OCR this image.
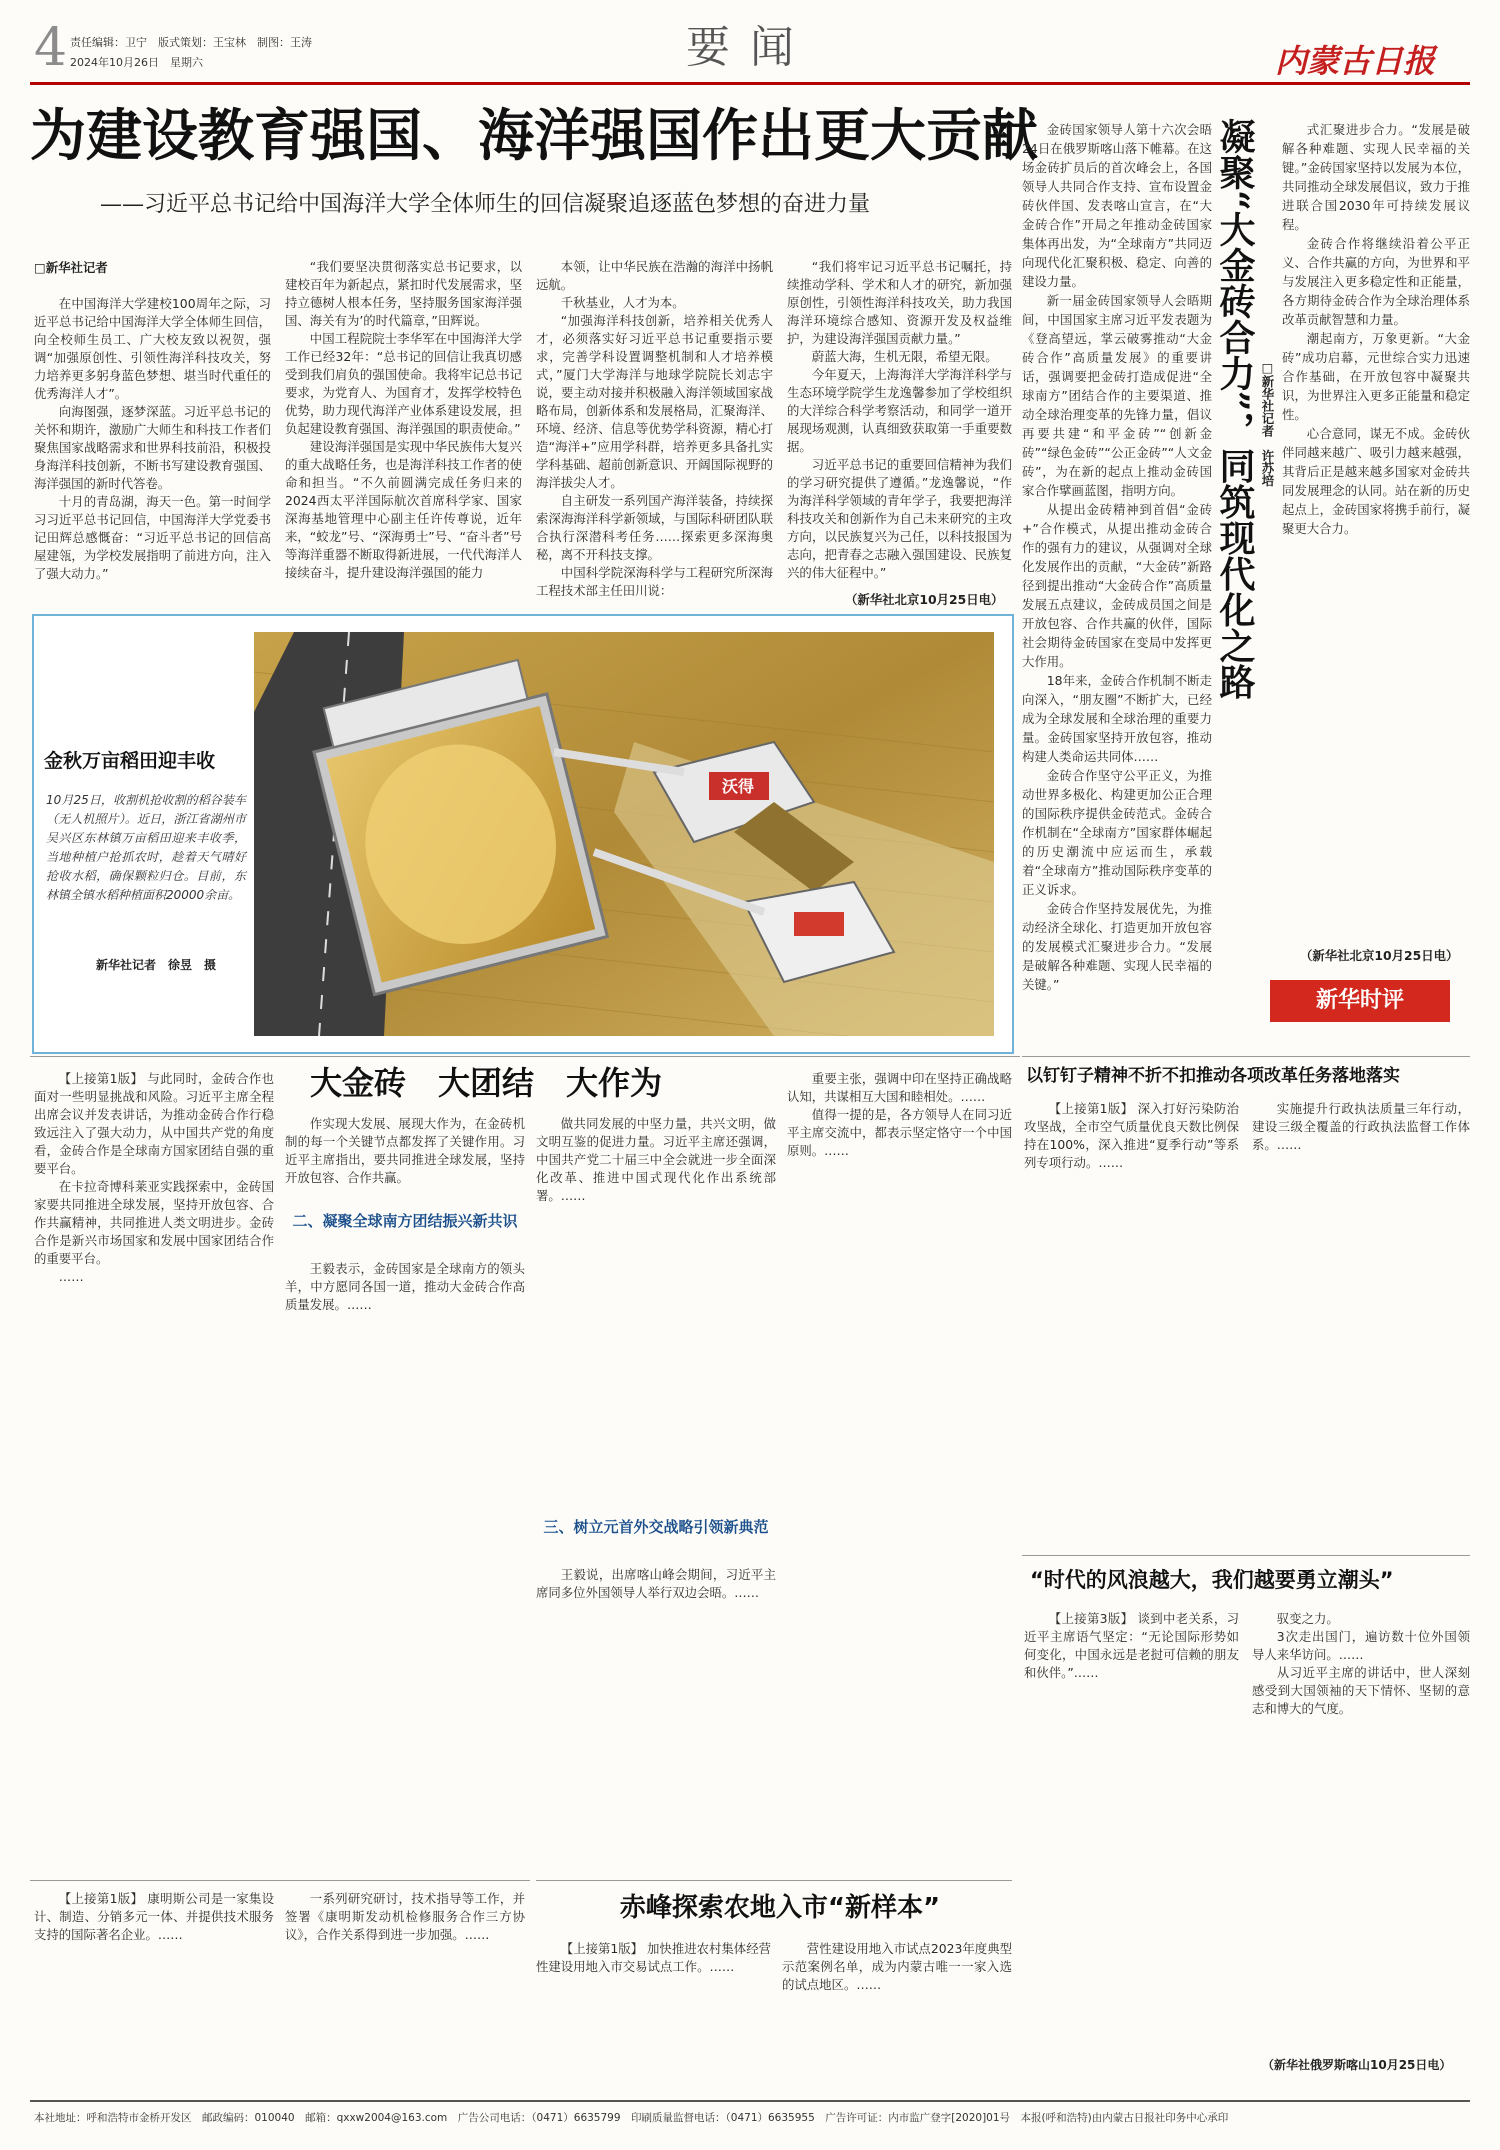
4 责任编辑：卫宁　版式策划：王宝林　制图：王涛
2024年10月26日　星期六	要闻	内蒙古日报
为建设教育强国、海洋强国作出更大贡献
——习近平总书记给中国海洋大学全体师生的回信凝聚追逐蓝色梦想的奋进力量
□新华社记者

在中国海洋大学建校100周年之际，习近平总书记给中国海洋大学全体师生回信，向全校师生员工、广大校友致以祝贺，强调“加强原创性、引领性海洋科技攻关，努力培养更多躬身蓝色梦想、堪当时代重任的优秀海洋人才”。

向海图强，逐梦深蓝。习近平总书记的关怀和期许，激励广大师生和科技工作者们聚焦国家战略需求和世界科技前沿，积极投身海洋科技创新，不断书写建设教育强国、海洋强国的新时代答卷。

十月的青岛湖，海天一色。第一时间学习习近平总书记回信，中国海洋大学党委书记田辉总感慨奋：“习近平总书记的回信高屋建瓴，为学校发展指明了前进方向，注入了强大动力。”

“我们要坚决贯彻落实总书记要求，以建校百年为新起点，紧扣时代发展需求，坚持立德树人根本任务，坚持服务国家海洋强国、海关有为’的时代篇章，”田辉说。

中国工程院院士李华军在中国海洋大学工作已经32年：“总书记的回信让我真切感受到我们肩负的强国使命。我将牢记总书记要求，为党育人、为国育才，发挥学校特色优势，助力现代海洋产业体系建设发展，担负起建设教育强国、海洋强国的职责使命。”

建设海洋强国是实现中华民族伟大复兴的重大战略任务，也是海洋科技工作者的使命和担当。“不久前圆满完成任务归来的2024西太平洋国际航次首席科学家、国家深海基地管理中心副主任许传尊说，近年来，“蛟龙”号、“深海勇士”号、“奋斗者”号等海洋重器不断取得新进展，一代代海洋人接续奋斗，提升建设海洋强国的能力

本领，让中华民族在浩瀚的海洋中扬帆远航。

千秋基业，人才为本。

“加强海洋科技创新，培养相关优秀人才，必须落实好习近平总书记重要指示要求，完善学科设置调整机制和人才培养模式，”厦门大学海洋与地球学院院长刘志宇说，要主动对接并积极融入海洋领域国家战略布局，创新体系和发展格局，汇聚海洋、环境、经济、信息等优势学科资源，精心打造“海洋+”应用学科群，培养更多具备扎实学科基础、超前创新意识、开阔国际视野的海洋拔尖人才。

自主研发一系列国产海洋装备，持续探索深海海洋科学新领域，与国际科研团队联合执行深潜科考任务……探索更多深海奥秘，离不开科技支撑。

中国科学院深海科学与工程研究所深海工程技术部主任田川说：

“我们将牢记习近平总书记嘱托，持续推动学科、学术和人才的研究，新加强原创性，引领性海洋科技攻关，助力我国海洋环境综合感知、资源开发及权益维护，为建设海洋强国贡献力量。”

蔚蓝大海，生机无限，希望无限。

今年夏天，上海海洋大学海洋科学与生态环境学院学生龙逸馨参加了学校组织的大洋综合科学考察活动，和同学一道开展现场观测，认真细致获取第一手重要数据。

习近平总书记的重要回信精神为我们的学习研究提供了遵循。”龙逸馨说，“作为海洋科学领域的青年学子，我要把海洋科技攻关和创新作为自己未来研究的主攻方向，以民族复兴为己任，以科技报国为志向，把青春之志融入强国建设、民族复兴的伟大征程中。”

（新华社北京10月25日电）
金秋万亩稻田迎丰收
10月25日，收割机抢收割的稻谷装车（无人机照片）。近日，浙江省湖州市吴兴区东林镇万亩稻田迎来丰收季，当地种植户抢抓农时，趁着天气晴好抢收水稻，确保颗粒归仓。目前，东林镇全镇水稻种植面积20000余亩。
新华社记者　徐昱　摄
沃得

金砖国家领导人第十六次会晤24日在俄罗斯喀山落下帷幕。在这场金砖扩员后的首次峰会上，各国领导人共同合作支持、宣布设置金砖伙伴国、发表喀山宣言，在“大金砖合作”开局之年推动金砖国家集体再出发，为“全球南方”共同迈向现代化汇聚积极、稳定、向善的建设力量。

新一届金砖国家领导人会晤期间，中国国家主席习近平发表题为《登高望远，掌云破雾推动“大金砖合作”高质量发展》的重要讲话，强调要把金砖打造成促进“全球南方”团结合作的主要渠道、推动全球治理变革的先锋力量，倡议再要共建“和平金砖”“创新金砖”“绿色金砖”“公正金砖”“人文金砖”，为在新的起点上推动金砖国家合作擘画蓝图，指明方向。

从提出金砖精神到首倡“金砖+”合作模式，从提出推动金砖合作的强有力的建议，从强调对全球化发展作出的贡献，“大金砖”新路径到提出推动“大金砖合作”高质量发展五点建议，金砖成员国之间是开放包容、合作共赢的伙伴，国际社会期待金砖国家在变局中发挥更大作用。

18年来，金砖合作机制不断走向深入，“朋友圈”不断扩大，已经成为全球发展和全球治理的重要力量。金砖国家坚持开放包容，推动构建人类命运共同体……

金砖合作坚守公平正义，为推动世界多极化、构建更加公正合理的国际秩序提供金砖范式。金砖合作机制在“全球南方”国家群体崛起的历史潮流中应运而生，承载着“全球南方”推动国际秩序变革的正义诉求。

金砖合作坚持发展优先，为推动经济全球化、打造更加开放包容的发展模式汇聚进步合力。“发展是破解各种难题、实现人民幸福的关键。”

凝聚“大金砖合力”，同筑现代化之路 □新华社记者　许苏培

式汇聚进步合力。“发展是破解各种难题、实现人民幸福的关键。”金砖国家坚持以发展为本位，共同推动全球发展倡议，致力于推进联合国2030年可持续发展议程。

金砖合作将继续沿着公平正义、合作共赢的方向，为世界和平与发展注入更多稳定性和正能量，各方期待金砖合作为全球治理体系改革贡献智慧和力量。

潮起南方，万象更新。“大金砖”成功启幕，元世综合实力迅速合作基础，在开放包容中凝聚共识，为世界注入更多正能量和稳定性。

心合意同，谋无不成。金砖伙伴同越来越广、吸引力越来越强，其背后正是越来越多国家对金砖共同发展理念的认同。站在新的历史起点上，金砖国家将携手前行，凝聚更大合力。

（新华社北京10月25日电）
新华时评
大金砖　大团结　大作为

【上接第1版】 与此同时，金砖合作也面对一些明显挑战和风险。习近平主席全程出席会议并发表讲话，为推动金砖合作行稳致远注入了强大动力，从中国共产党的角度看，金砖合作是全球南方国家团结自强的重要平台。

在卡拉奇博科莱亚实践探索中，金砖国家要共同推进全球发展，坚持开放包容、合作共赢精神，共同推进人类文明进步。金砖合作是新兴市场国家和发展中国家团结合作的重要平台。

……

作实现大发展、展现大作为，在金砖机制的每一个关键节点都发挥了关键作用。习近平主席指出，要共同推进全球发展，坚持开放包容、合作共赢。

二、凝聚全球南方团结振兴新共识

王毅表示，金砖国家是全球南方的领头羊，中方愿同各国一道，推动大金砖合作高质量发展。……

做共同发展的中坚力量，共兴文明，做文明互鉴的促进力量。习近平主席还强调，中国共产党二十届三中全会就进一步全面深化改革、推进中国式现代化作出系统部署。……

三、树立元首外交战略引领新典范

王毅说，出席喀山峰会期间，习近平主席同多位外国领导人举行双边会晤。……

重要主张，强调中印在坚持正确战略认知，共谋相互大国和睦相处。……

值得一提的是，各方领导人在同习近平主席交流中，都表示坚定恪守一个中国原则。……

以钉钉子精神不折不扣推动各项改革任务落地落实

【上接第1版】 深入打好污染防治攻坚战，全市空气质量优良天数比例保持在100%，深入推进“夏季行动”等系列专项行动。……

实施提升行政执法质量三年行动，建设三级全覆盖的行政执法监督工作体系。……

“时代的风浪越大，我们越要勇立潮头”

【上接第3版】 谈到中老关系，习近平主席语气坚定：“无论国际形势如何变化，中国永远是老挝可信赖的朋友和伙伴。”……

驭变之力。

3次走出国门，遍访数十位外国领导人来华访问。……

从习近平主席的讲话中，世人深刻感受到大国领袖的天下情怀、坚韧的意志和博大的气度。

（新华社俄罗斯喀山10月25日电）

【上接第1版】 康明斯公司是一家集设计、制造、分销多元一体、并提供技术服务支持的国际著名企业。……

一系列研究研讨，技术指导等工作，并签署《康明斯发动机检修服务合作三方协议》，合作关系得到进一步加强。……

赤峰探索农地入市“新样本”

【上接第1版】 加快推进农村集体经营性建设用地入市交易试点工作。……

营性建设用地入市试点2023年度典型示范案例名单，成为内蒙古唯一一家入选的试点地区。……

本社地址：呼和浩特市金桥开发区　邮政编码：010040　邮箱：qxxw2004@163.com　广告公司电话：（0471）6635799　印刷质量监督电话：（0471）6635955　广告许可证：内市监广登字[2020]01号　本报(呼和浩特)由内蒙古日报社印务中心承印
